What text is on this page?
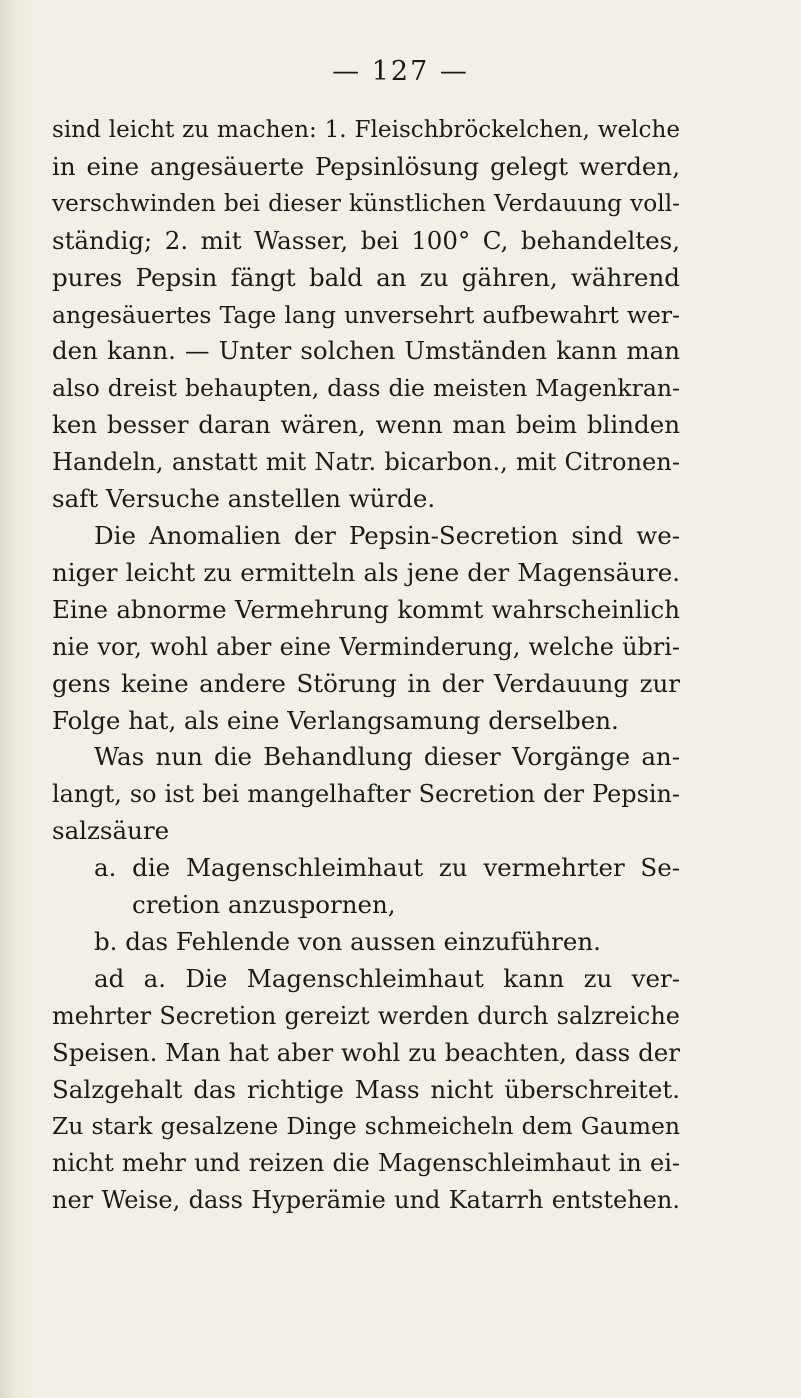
— 127 —
sind leicht zu machen: 1. Fleischbröckelchen, welche
in eine angesäuerte Pepsinlösung gelegt werden,
verschwinden bei dieser künstlichen Verdauung voll-
ständig; 2. mit Wasser, bei 100° C, behandeltes,
pures Pepsin fängt bald an zu gähren, während
angesäuertes Tage lang unversehrt aufbewahrt wer-
den kann. — Unter solchen Umständen kann man
also dreist behaupten, dass die meisten Magenkran-
ken besser daran wären, wenn man beim blinden
Handeln, anstatt mit Natr. bicarbon., mit Citronen-
saft Versuche anstellen würde.
Die Anomalien der Pepsin-Secretion sind we-
niger leicht zu ermitteln als jene der Magensäure.
Eine abnorme Vermehrung kommt wahrscheinlich
nie vor, wohl aber eine Verminderung, welche übri-
gens keine andere Störung in der Verdauung zur
Folge hat, als eine Verlangsamung derselben.
Was nun die Behandlung dieser Vorgänge an-
langt, so ist bei mangelhafter Secretion der Pepsin-
salzsäure
a. die Magenschleimhaut zu vermehrter Se-
cretion anzuspornen,
b. das Fehlende von aussen einzuführen.
ad a. Die Magenschleimhaut kann zu ver-
mehrter Secretion gereizt werden durch salzreiche
Speisen. Man hat aber wohl zu beachten, dass der
Salzgehalt das richtige Mass nicht überschreitet.
Zu stark gesalzene Dinge schmeicheln dem Gaumen
nicht mehr und reizen die Magenschleimhaut in ei-
ner Weise, dass Hyperämie und Katarrh entstehen.
